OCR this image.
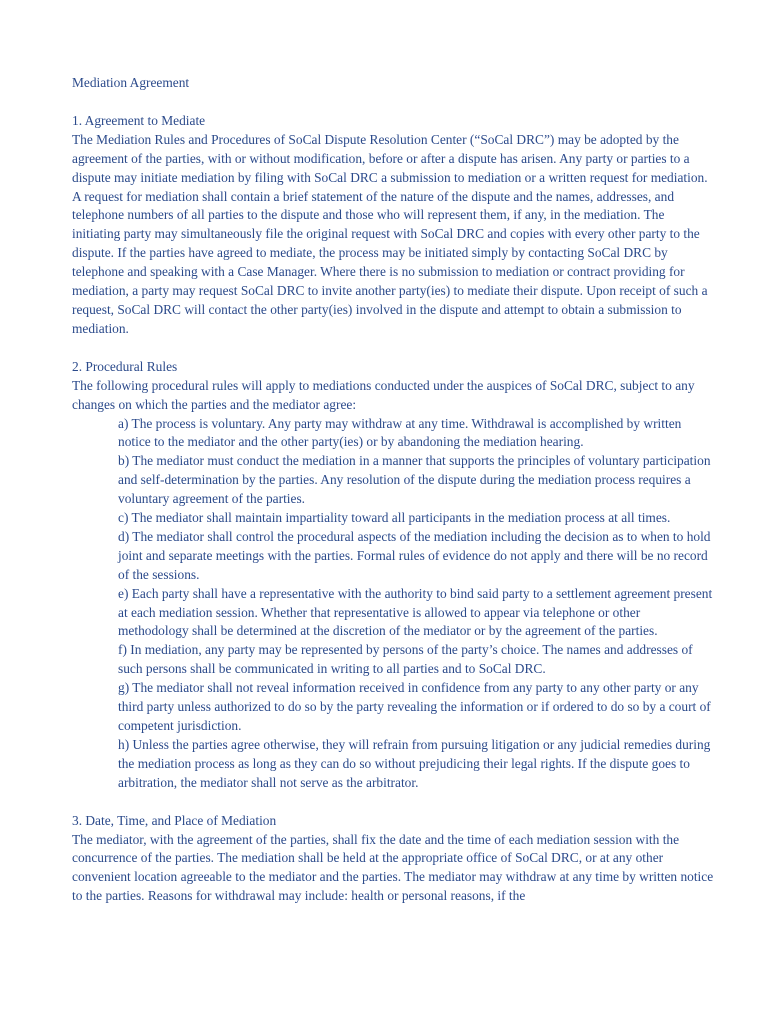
Mediation Agreement
1. Agreement to Mediate

The Mediation Rules and Procedures of SoCal Dispute Resolution Center (“SoCal DRC”) may be adopted by the agreement of the parties, with or without modification, before or after a dispute has arisen. Any party or parties to a dispute may initiate mediation by filing with SoCal DRC a submission to mediation or a written request for mediation. A request for mediation shall contain a brief statement of the nature of the dispute and the names, addresses, and telephone numbers of all parties to the dispute and those who will represent them, if any, in the mediation. The initiating party may simultaneously file the original request with SoCal DRC and copies with every other party to the dispute. If the parties have agreed to mediate, the process may be initiated simply by contacting SoCal DRC by telephone and speaking with a Case Manager. Where there is no submission to mediation or contract providing for mediation, a party may request SoCal DRC to invite another party(ies) to mediate their dispute. Upon receipt of such a request, SoCal DRC will contact the other party(ies) involved in the dispute and attempt to obtain a submission to mediation.

2. Procedural Rules

The following procedural rules will apply to mediations conducted under the auspices of SoCal DRC, subject to any changes on which the parties and the mediator agree:

a) The process is voluntary. Any party may withdraw at any time. Withdrawal is accomplished by written notice to the mediator and the other party(ies) or by abandoning the mediation hearing.
b) The mediator must conduct the mediation in a manner that supports the principles of voluntary participation and self-determination by the parties. Any resolution of the dispute during the mediation process requires a voluntary agreement of the parties.
c) The mediator shall maintain impartiality toward all participants in the mediation process at all times.
d) The mediator shall control the procedural aspects of the mediation including the decision as to when to hold joint and separate meetings with the parties. Formal rules of evidence do not apply and there will be no record of the sessions.
e) Each party shall have a representative with the authority to bind said party to a settlement agreement present at each mediation session. Whether that representative is allowed to appear via telephone or other methodology shall be determined at the discretion of the mediator or by the agreement of the parties.
f) In mediation, any party may be represented by persons of the party’s choice. The names and addresses of such persons shall be communicated in writing to all parties and to SoCal DRC.
g) The mediator shall not reveal information received in confidence from any party to any other party or any third party unless authorized to do so by the party revealing the information or if ordered to do so by a court of competent jurisdiction.
h) Unless the parties agree otherwise, they will refrain from pursuing litigation or any judicial remedies during the mediation process as long as they can do so without prejudicing their legal rights. If the dispute goes to arbitration, the mediator shall not serve as the arbitrator.
3. Date, Time, and Place of Mediation

The mediator, with the agreement of the parties, shall fix the date and the time of each mediation session with the concurrence of the parties. The mediation shall be held at the appropriate office of SoCal DRC, or at any other convenient location agreeable to the mediator and the parties. The mediator may withdraw at any time by written notice to the parties. Reasons for withdrawal may include: health or personal reasons, if the
